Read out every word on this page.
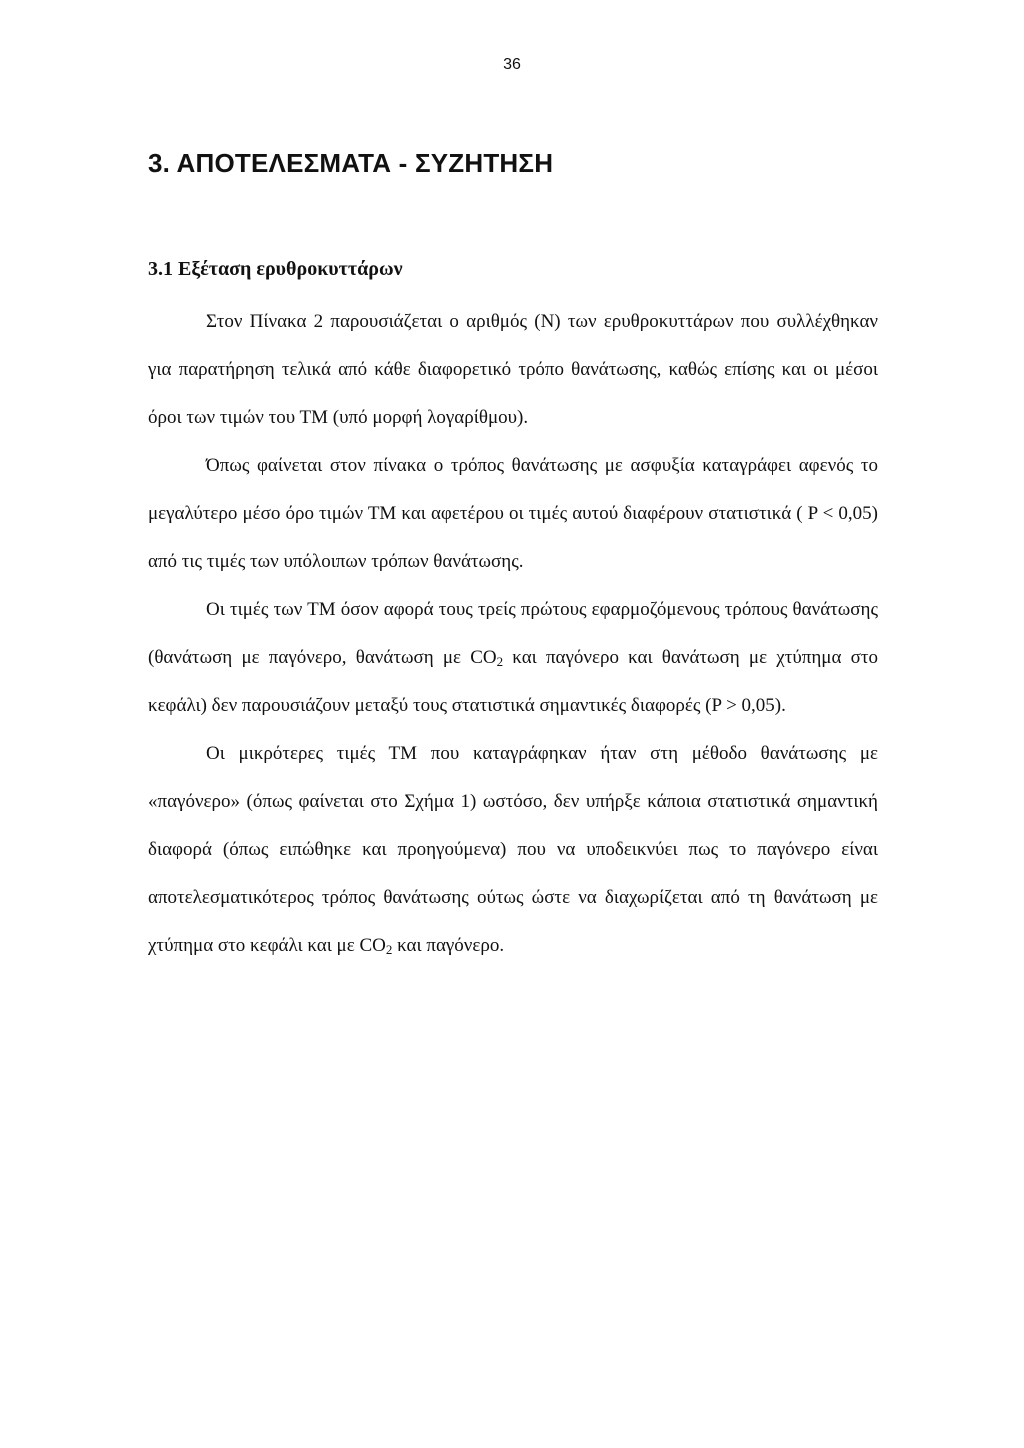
36
3. ΑΠΟΤΕΛΕΣΜΑΤΑ - ΣΥΖΗΤΗΣΗ
3.1 Εξέταση ερυθροκυττάρων

Στον Πίνακα 2 παρουσιάζεται ο αριθμός (N) των ερυθροκυττάρων που συλλέχθηκαν για παρατήρηση τελικά από κάθε διαφορετικό τρόπο θανάτωσης, καθώς επίσης και οι μέσοι όροι των τιμών του ΤΜ (υπό μορφή λογαρίθμου).

Όπως φαίνεται στον πίνακα ο τρόπος θανάτωσης με ασφυξία καταγράφει αφενός το μεγαλύτερο μέσο όρο τιμών ΤΜ και αφετέρου οι τιμές αυτού διαφέρουν στατιστικά ( P < 0,05) από τις τιμές των υπόλοιπων τρόπων θανάτωσης.

Οι τιμές των ΤΜ όσον αφορά τους τρείς πρώτους εφαρμοζόμενους τρόπους θανάτωσης (θανάτωση με παγόνερο, θανάτωση με $CO_2$ και παγόνερο και θανάτωση με χτύπημα στο κεφάλι) δεν παρουσιάζουν μεταξύ τους στατιστικά σημαντικές διαφορές (P > 0,05).

Οι μικρότερες τιμές ΤΜ που καταγράφηκαν ήταν στη μέθοδο θανάτωσης με «παγόνερο» (όπως φαίνεται στο Σχήμα 1) ωστόσο, δεν υπήρξε κάποια στατιστικά σημαντική διαφορά (όπως ειπώθηκε και προηγούμενα) που να υποδεικνύει πως το παγόνερο είναι αποτελεσματικότερος τρόπος θανάτωσης ούτως ώστε να διαχωρίζεται από τη θανάτωση με χτύπημα στο κεφάλι και με $CO_2$ και παγόνερο.
